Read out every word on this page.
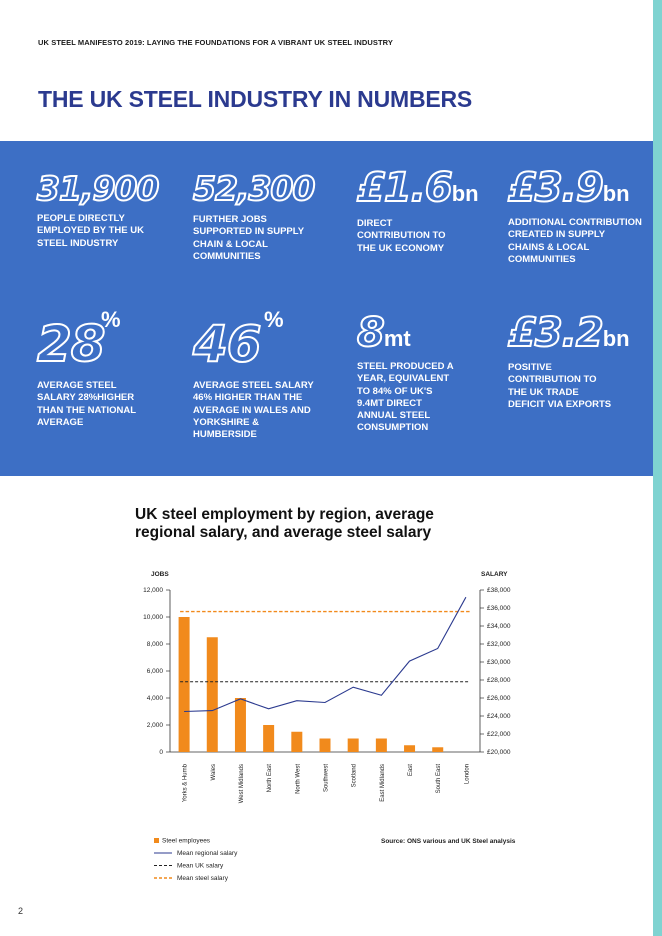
UK STEEL MANIFESTO 2019: LAYING THE FOUNDATIONS FOR A VIBRANT UK STEEL INDUSTRY
THE UK STEEL INDUSTRY IN NUMBERS
31,900
PEOPLE DIRECTLY EMPLOYED BY THE UK STEEL INDUSTRY
52,300
FURTHER JOBS SUPPORTED IN SUPPLY CHAIN & LOCAL COMMUNITIES
£1.6bn
DIRECT CONTRIBUTION TO THE UK ECONOMY
£3.9bn
ADDITIONAL CONTRIBUTION CREATED IN SUPPLY CHAINS & LOCAL COMMUNITIES
28
%
AVERAGE STEEL SALARY 28%HIGHER THAN THE NATIONAL AVERAGE
46 %
AVERAGE STEEL SALARY 46% HIGHER THAN THE AVERAGE IN WALES AND YORKSHIRE & HUMBERSIDE
8mt
STEEL PRODUCED A YEAR, EQUIVALENT TO 84% OF UK'S 9.4MT DIRECT ANNUAL STEEL CONSUMPTION
£3.2bn
POSITIVE CONTRIBUTION TO THE UK TRADE DEFICIT VIA EXPORTS
UK steel employment by region, average regional salary, and average steel salary
JOBS	SALARY
0
2,000
4,000
6,000
8,000
10,000
12,000
£20,000
£22,000
£24,000
£26,000
£28,000
£30,000
£32,000
£34,000
£36,000
£38,000
Yorks & Humb	Wales	West Midlands	North East	North West	Southwest	Scotland	East Midlands	East	South East	London
Steel employees
Mean regional salary
Mean UK salary
Mean steel salary
Source: ONS various and UK Steel analysis
2
